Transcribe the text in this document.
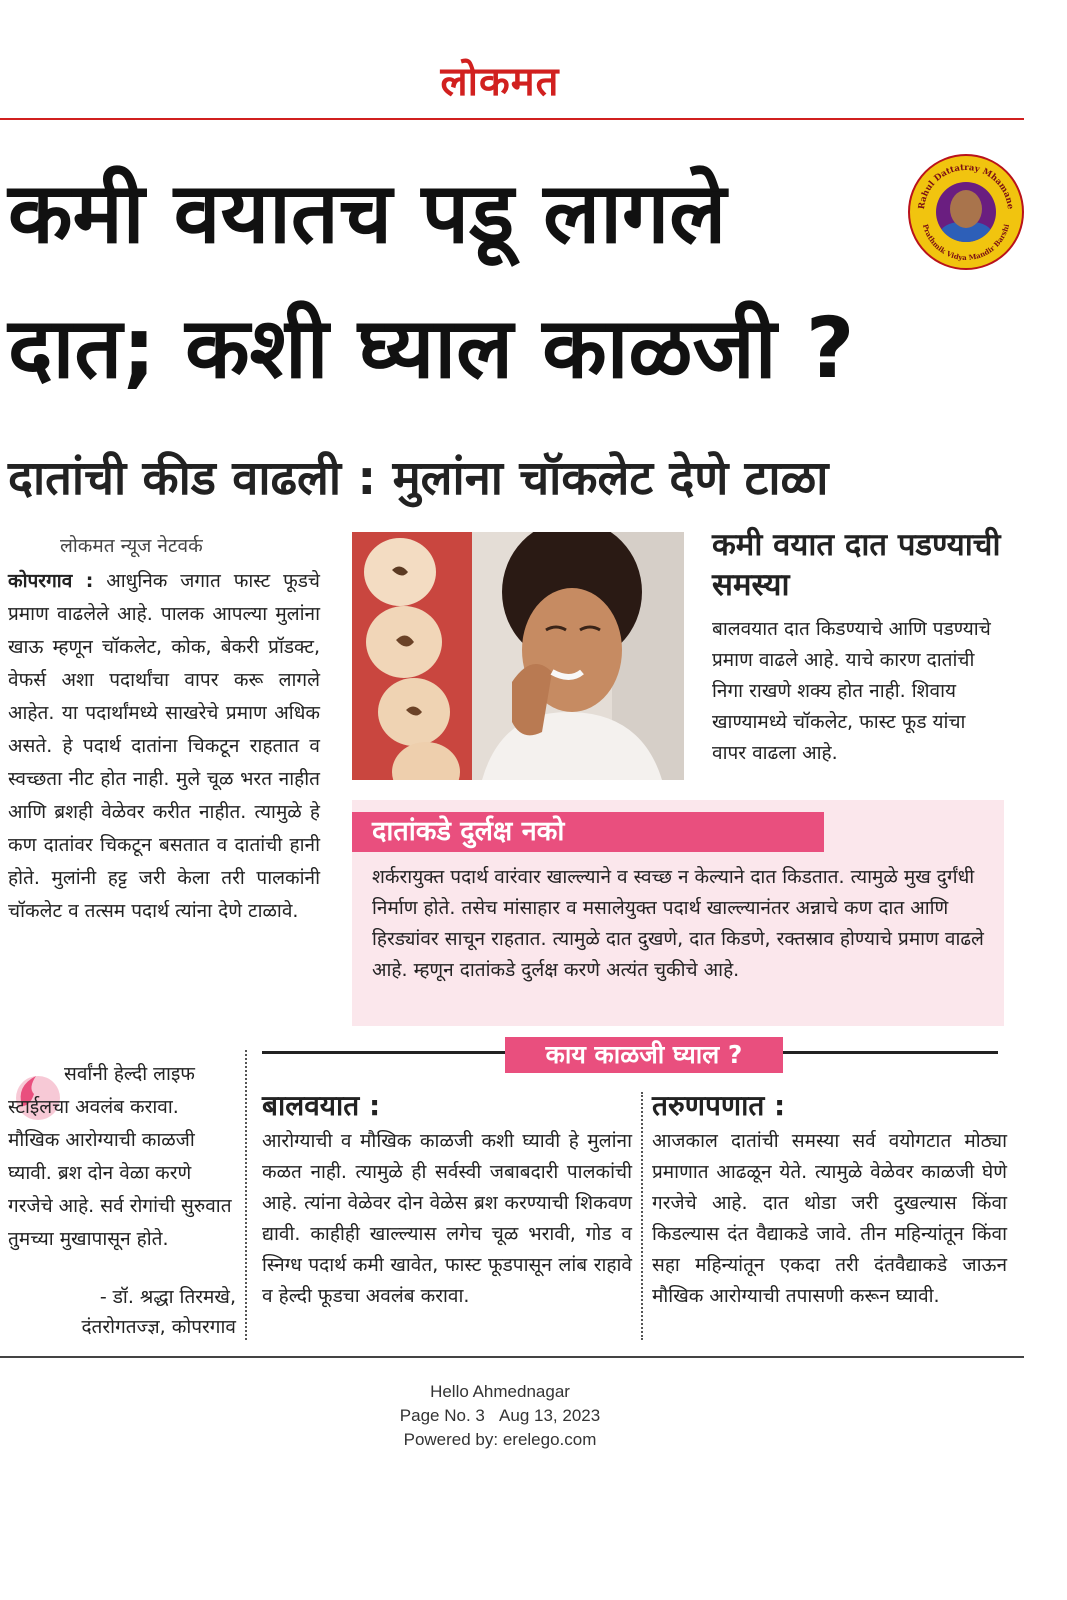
लोकमत
कमी वयातच पडू लागले
दात; कशी घ्याल काळजी ?
Rahul Dattatray Mhamane
Prathmik Vidya Mandir Barshi
दातांची कीड वाढली : मुलांना चॉकलेट देणे टाळा
लोकमत न्यूज नेटवर्क
कोपरगाव : आधुनिक जगात फास्ट फूडचे प्रमाण वाढलेले आहे. पालक आपल्या मुलांना खाऊ म्हणून चॉकलेट, कोक, बेकरी प्रॉडक्ट, वेफर्स अशा पदार्थांचा वापर करू लागले आहेत. या पदार्थांमध्ये साखरेचे प्रमाण अधिक असते. हे पदार्थ दातांना चिकटून राहतात व स्वच्छता नीट होत नाही. मुले चूळ भरत नाहीत आणि ब्रशही वेळेवर करीत नाहीत. त्यामुळे हे कण दातांवर चिकटून बसतात व दातांची हानी होते. मुलांनी हट्ट जरी केला तरी पालकांनी चॉकलेट व तत्सम पदार्थ त्यांना देणे टाळावे.
कमी वयात दात पडण्याची समस्या
बालवयात दात किडण्याचे आणि पडण्याचे प्रमाण वाढले आहे. याचे कारण दातांची निगा राखणे शक्य होत नाही. शिवाय खाण्यामध्ये चॉकलेट, फास्ट फूड यांचा वापर वाढला आहे.
दातांकडे दुर्लक्ष नको
शर्करायुक्त पदार्थ वारंवार खाल्ल्याने व स्वच्छ न केल्याने दात किडतात. त्यामुळे मुख दुर्गंधी निर्माण होते. तसेच मांसाहार व मसालेयुक्त पदार्थ खाल्ल्यानंतर अन्नाचे कण दात आणि हिरड्यांवर साचून राहतात. त्यामुळे दात दुखणे, दात किडणे, रक्तस्राव होण्याचे प्रमाण वाढले आहे. म्हणून दातांकडे दुर्लक्ष करणे अत्यंत चुकीचे आहे.
सर्वांनी हेल्दी लाइफ स्टाईलचा अवलंब करावा. मौखिक आरोग्याची काळजी घ्यावी. ब्रश दोन वेळा करणे गरजेचे आहे. सर्व रोगांची सुरुवात तुमच्या मुखापासून होते.
- डॉ. श्रद्धा तिरमखे,
दंतरोगतज्ज्ञ, कोपरगाव
काय काळजी घ्याल ?
बालवयात :
आरोग्याची व मौखिक काळजी कशी घ्यावी हे मुलांना कळत नाही. त्यामुळे ही सर्वस्वी जबाबदारी पालकांची आहे. त्यांना वेळेवर दोन वेळेस ब्रश करण्याची शिकवण द्यावी. काहीही खाल्ल्यास लगेच चूळ भरावी, गोड व स्निग्ध पदार्थ कमी खावेत, फास्ट फूडपासून लांब राहावे व हेल्दी फूडचा अवलंब करावा.
तरुणपणात :
आजकाल दातांची समस्या सर्व वयोगटात मोठ्या प्रमाणात आढळून येते. त्यामुळे वेळेवर काळजी घेणे गरजेचे आहे. दात थोडा जरी दुखल्यास किंवा किडल्यास दंत वैद्याकडे जावे. तीन महिन्यांतून किंवा सहा महिन्यांतून एकदा तरी दंतवैद्याकडे जाऊन मौखिक आरोग्याची तपासणी करून घ्यावी.
Hello Ahmednagar
Page No. 3 Aug 13, 2023
Powered by: erelego.com
